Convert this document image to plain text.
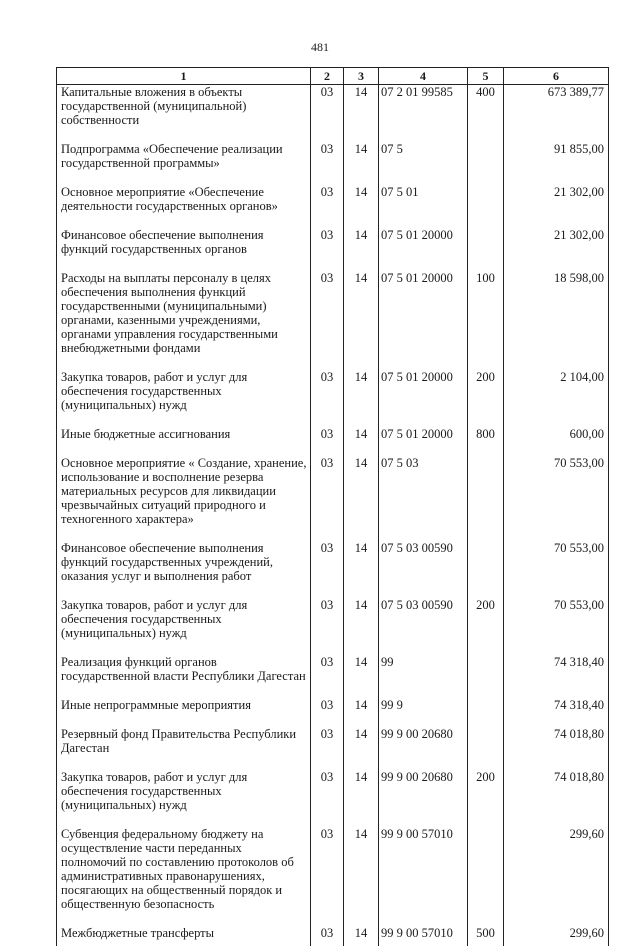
481
1	2	3	4	5	6
Капитальные вложения в объекты государственной (муниципальной) собственности	03	14	07 2 01 99585	400	673 389,77
Подпрограмма «Обеспечение реализации государственной программы»	03	14	07 5		91 855,00
Основное мероприятие «Обеспечение деятельности государственных органов»	03	14	07 5 01		21 302,00
Финансовое обеспечение выполнения функций государственных органов	03	14	07 5 01 20000		21 302,00
Расходы на выплаты персоналу в целях обеспечения выполнения функций государственными (муниципальными) органами, казенными учреждениями, органами управления государственными внебюджетными фондами	03	14	07 5 01 20000	100	18 598,00
Закупка товаров, работ и услуг для обеспечения государственных (муниципальных) нужд	03	14	07 5 01 20000	200	2 104,00
Иные бюджетные ассигнования	03	14	07 5 01 20000	800	600,00
Основное мероприятие « Создание, хранение, использование и восполнение резерва материальных ресурсов для ликвидации чрезвычайных ситуаций природного и техногенного характера»	03	14	07 5 03		70 553,00
Финансовое обеспечение выполнения функций государственных учреждений, оказания услуг и выполнения работ	03	14	07 5 03 00590		70 553,00
Закупка товаров, работ и услуг для обеспечения государственных (муниципальных) нужд	03	14	07 5 03 00590	200	70 553,00
Реализация функций органов государственной власти Республики Дагестан	03	14	99		74 318,40
Иные непрограммные мероприятия	03	14	99 9		74 318,40
Резервный фонд Правительства Республики Дагестан	03	14	99 9 00 20680		74 018,80
Закупка товаров, работ и услуг для обеспечения государственных (муниципальных) нужд	03	14	99 9 00 20680	200	74 018,80
Субвенция федеральному бюджету на осуществление части переданных полномочий по составлению протоколов об административных правонарушениях, посягающих на общественный порядок и общественную безопасность	03	14	99 9 00 57010		299,60
Межбюджетные трансферты	03	14	99 9 00 57010	500	299,60
